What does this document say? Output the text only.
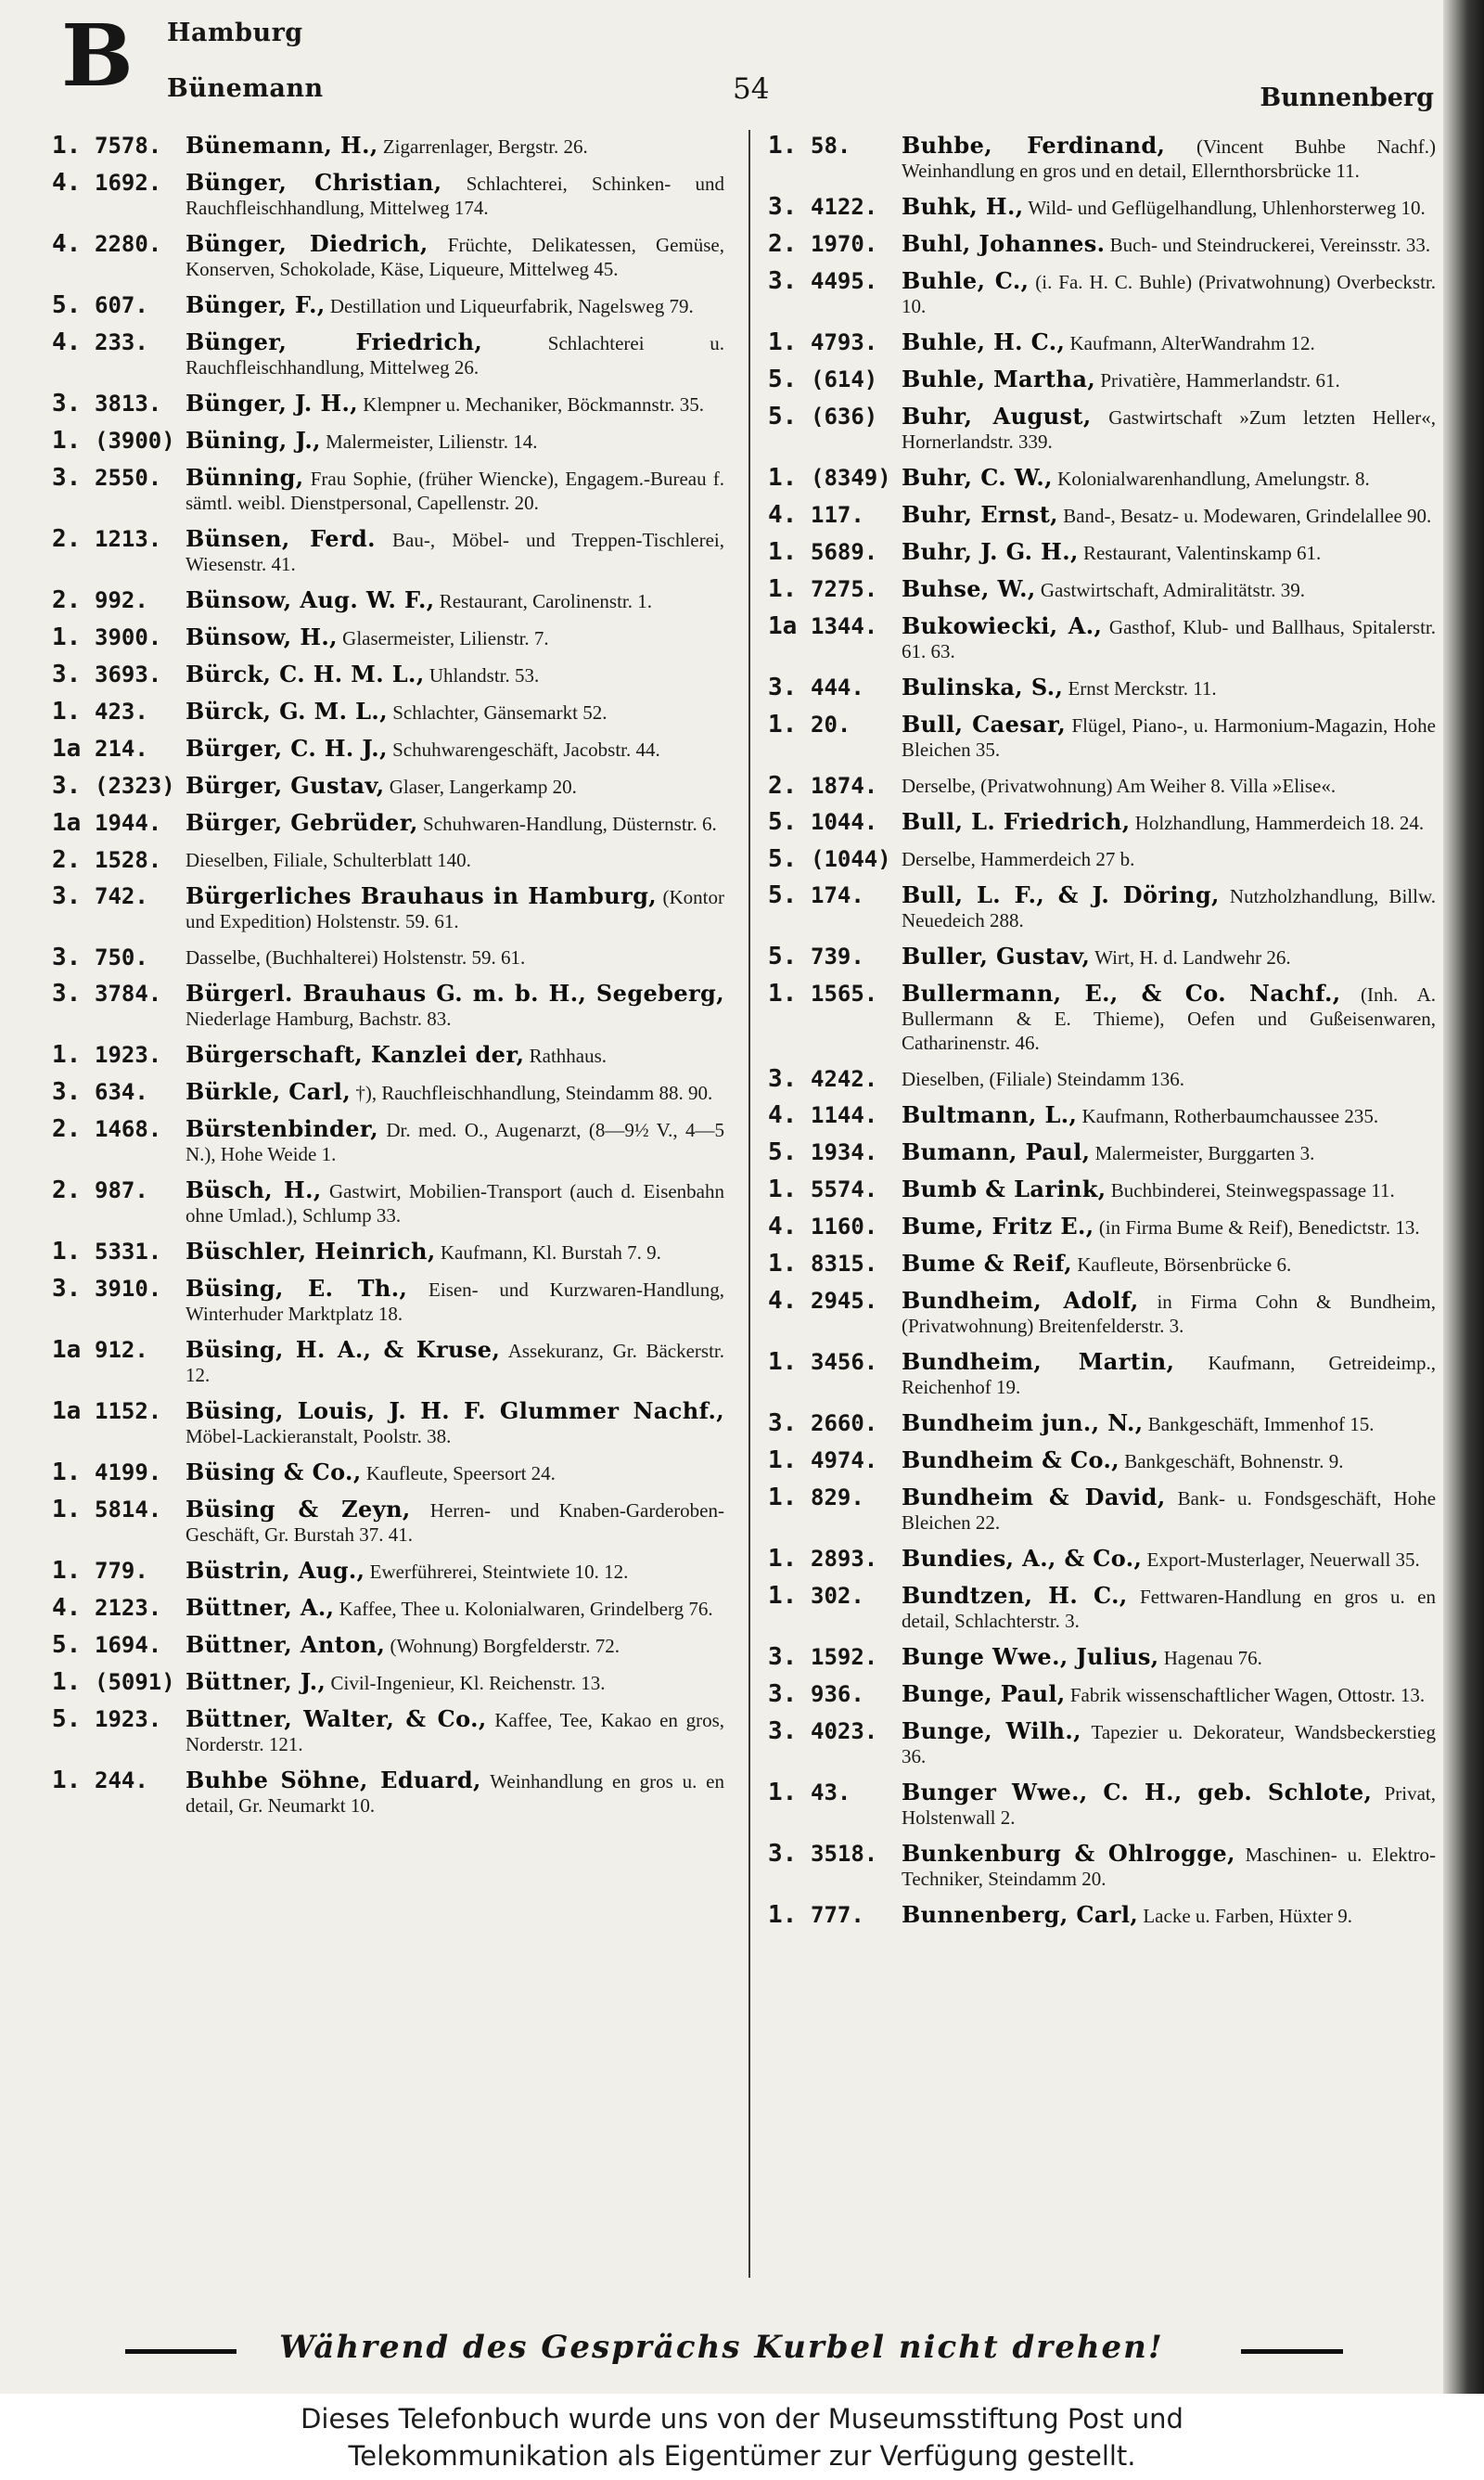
B Hamburg
Bünemann	54	Bunnenberg
1. 7578.	Bünemann, H., Zigarrenlager, Bergstr. 26.
4. 1692.	Bünger, Christian, Schlachterei, Schinken- und Rauchfleischhandlung, Mittelweg 174.
4. 2280.	Bünger, Diedrich, Früchte, Delikatessen, Gemüse, Konserven, Schokolade, Käse, Liqueure, Mittelweg 45.
5. 607.	Bünger, F., Destillation und Liqueurfabrik, Nagelsweg 79.
4. 233.	Bünger, Friedrich,	Schlachterei u. Rauchfleischhandlung, Mittelweg 26.
3. 3813.	Bünger, J. H., Klempner u. Mechaniker, Böckmannstr. 35.
1. (3900) Büning, J., Malermeister, Lilienstr. 14.
3. 2550.	Bünning, Frau Sophie, (früher Wiencke), Engagem.-Bureau f. sämtl. weibl. Dienstpersonal, Capellenstr. 20.
2. 1213.	Bünsen, Ferd. Bau-, Möbel- und Treppen-Tischlerei, Wiesenstr. 41.
2. 992.	Bünsow, Aug. W. F., Restaurant, Carolinenstr. 1.
1. 3900.	Bünsow, H., Glasermeister, Lilienstr. 7.
3. 3693.	Bürck, C. H. M. L., Uhlandstr. 53.
1. 423.	Bürck, G. M. L., Schlachter, Gänsemarkt 52.
1a 214.	Bürger, C. H. J., Schuhwarengeschäft, Jacobstr. 44.
3. (2323) Bürger, Gustav, Glaser, Langerkamp 20.
1a 1944.	Bürger, Gebrüder, Schuhwaren-Handlung, Düsternstr. 6.
2. 1528.	Dieselben, Filiale, Schulterblatt 140.
3. 742.	Bürgerliches Brauhaus in Hamburg, (Kontor und Expedition) Holstenstr. 59. 61.
3. 750.	Dasselbe, (Buchhalterei) Holstenstr. 59. 61.
3. 3784.	Bürgerl. Brauhaus G. m. b. H., Segeberg, Niederlage Hamburg, Bachstr. 83.
1. 1923.	Bürgerschaft, Kanzlei der, Rathhaus.
3. 634.	Bürkle, Carl, †), Rauchfleischhandlung, Steindamm 88. 90.
2. 1468.	Bürstenbinder, Dr. med. O., Augenarzt, (8—9½ V., 4—5 N.), Hohe Weide 1.
2. 987.	Büsch, H., Gastwirt, Mobilien-Transport (auch d. Eisenbahn ohne Umlad.), Schlump 33.
1. 5331.	Büschler, Heinrich, Kaufmann, Kl. Burstah 7. 9.
3. 3910.	Büsing, E. Th., Eisen- und Kurzwaren-Handlung, Winterhuder Marktplatz 18.
1a 912.	Büsing, H. A., & Kruse, Assekuranz, Gr. Bäckerstr. 12.
1a 1152.	Büsing, Louis, J. H. F. Glummer Nachf., Möbel-Lackieranstalt, Poolstr. 38.
1. 4199.	Büsing & Co., Kaufleute, Speersort 24.
1. 5814.	Büsing & Zeyn, Herren- und Knaben-Garderoben-Geschäft, Gr. Burstah 37. 41.
1. 779.	Büstrin, Aug., Ewerführerei, Steintwiete 10. 12.
4. 2123.	Büttner, A., Kaffee, Thee u. Kolonialwaren, Grindelberg 76.
5. 1694.	Büttner, Anton, (Wohnung) Borgfelderstr. 72.
1. (5091) Büttner, J., Civil-Ingenieur, Kl. Reichenstr. 13.
5. 1923.	Büttner, Walter, & Co., Kaffee, Tee, Kakao en gros, Norderstr. 121.
1. 244.	Buhbe Söhne, Eduard, Weinhandlung en gros u. en detail, Gr. Neumarkt 10.
1. 58.	Buhbe, Ferdinand, (Vincent Buhbe Nachf.) Weinhandlung en gros und en detail, Ellernthorsbrücke 11.
3. 4122.	Buhk, H., Wild- und Geflügelhandlung, Uhlenhorsterweg 10.
2. 1970.	Buhl, Johannes. Buch- und Steindruckerei, Vereinsstr. 33.
3. 4495.	Buhle, C., (i. Fa. H. C. Buhle) (Privatwohnung) Overbeckstr. 10.
1. 4793.	Buhle, H. C., Kaufmann, AlterWandrahm 12.
5. (614)	Buhle, Martha, Privatière, Hammerlandstr. 61.
5. (636)	Buhr, August, Gastwirtschaft »Zum letzten Heller«, Hornerlandstr. 339.
1. (8349) Buhr, C. W., Kolonialwarenhandlung, Amelungstr. 8.
4. 117.	Buhr, Ernst, Band-, Besatz- u. Modewaren, Grindelallee 90.
1. 5689.	Buhr, J. G. H., Restaurant, Valentinskamp 61.
1. 7275.	Buhse, W., Gastwirtschaft, Admiralitätstr. 39.
1a 1344.	Bukowiecki, A., Gasthof, Klub- und Ballhaus, Spitalerstr. 61. 63.
3. 444.	Bulinska, S., Ernst Merckstr. 11.
1. 20.	Bull, Caesar, Flügel, Piano-, u. Harmonium-Magazin, Hohe Bleichen 35.
2. 1874.	Derselbe, (Privatwohnung) Am Weiher 8. Villa »Elise«.
5. 1044.	Bull, L. Friedrich, Holzhandlung, Hammerdeich 18. 24.
5. (1044) Derselbe, Hammerdeich 27 b.
5. 174.	Bull, L. F., & J. Döring, Nutzholzhandlung, Billw. Neuedeich 288.
5. 739.	Buller, Gustav, Wirt, H. d. Landwehr 26.
1. 1565.	Bullermann, E., & Co. Nachf., (Inh. A. Bullermann & E. Thieme), Oefen und Gußeisenwaren, Catharinenstr. 46.
3. 4242.	Dieselben, (Filiale) Steindamm 136.
4. 1144.	Bultmann, L., Kaufmann, Rotherbaumchaussee 235.
5. 1934.	Bumann, Paul, Malermeister, Burggarten 3.
1. 5574.	Bumb & Larink, Buchbinderei, Steinwegspassage 11.
4. 1160.	Bume, Fritz E., (in Firma Bume & Reif), Benedictstr. 13.
1. 8315.	Bume & Reif, Kaufleute, Börsenbrücke 6.
4. 2945.	Bundheim, Adolf, in Firma Cohn & Bundheim, (Privatwohnung) Breitenfelderstr. 3.
1. 3456.	Bundheim, Martin, Kaufmann, Getreideimp., Reichenhof 19.
3. 2660.	Bundheim jun., N., Bankgeschäft, Immenhof 15.
1. 4974.	Bundheim & Co., Bankgeschäft, Bohnenstr. 9.
1. 829.	Bundheim & David, Bank- u. Fondsgeschäft, Hohe Bleichen 22.
1. 2893.	Bundies, A., & Co., Export-Musterlager, Neuerwall 35.
1. 302.	Bundtzen, H. C., Fettwaren-Handlung en gros u. en detail, Schlachterstr. 3.
3. 1592.	Bunge Wwe., Julius, Hagenau 76.
3. 936.	Bunge, Paul, Fabrik wissenschaftlicher Wagen, Ottostr. 13.
3. 4023.	Bunge, Wilh., Tapezier u. Dekorateur, Wandsbeckerstieg 36.
1. 43.	Bunger Wwe., C. H., geb. Schlote, Privat, Holstenwall 2.
3. 3518.	Bunkenburg & Ohlrogge, Maschinen- u. Elektro-Techniker, Steindamm 20.
1. 777.	Bunnenberg, Carl, Lacke u. Farben, Hüxter 9.
Während des Gesprächs Kurbel nicht drehen!
Dieses Telefonbuch wurde uns von der Museumsstiftung Post und
Telekommunikation als Eigentümer zur Verfügung gestellt.
